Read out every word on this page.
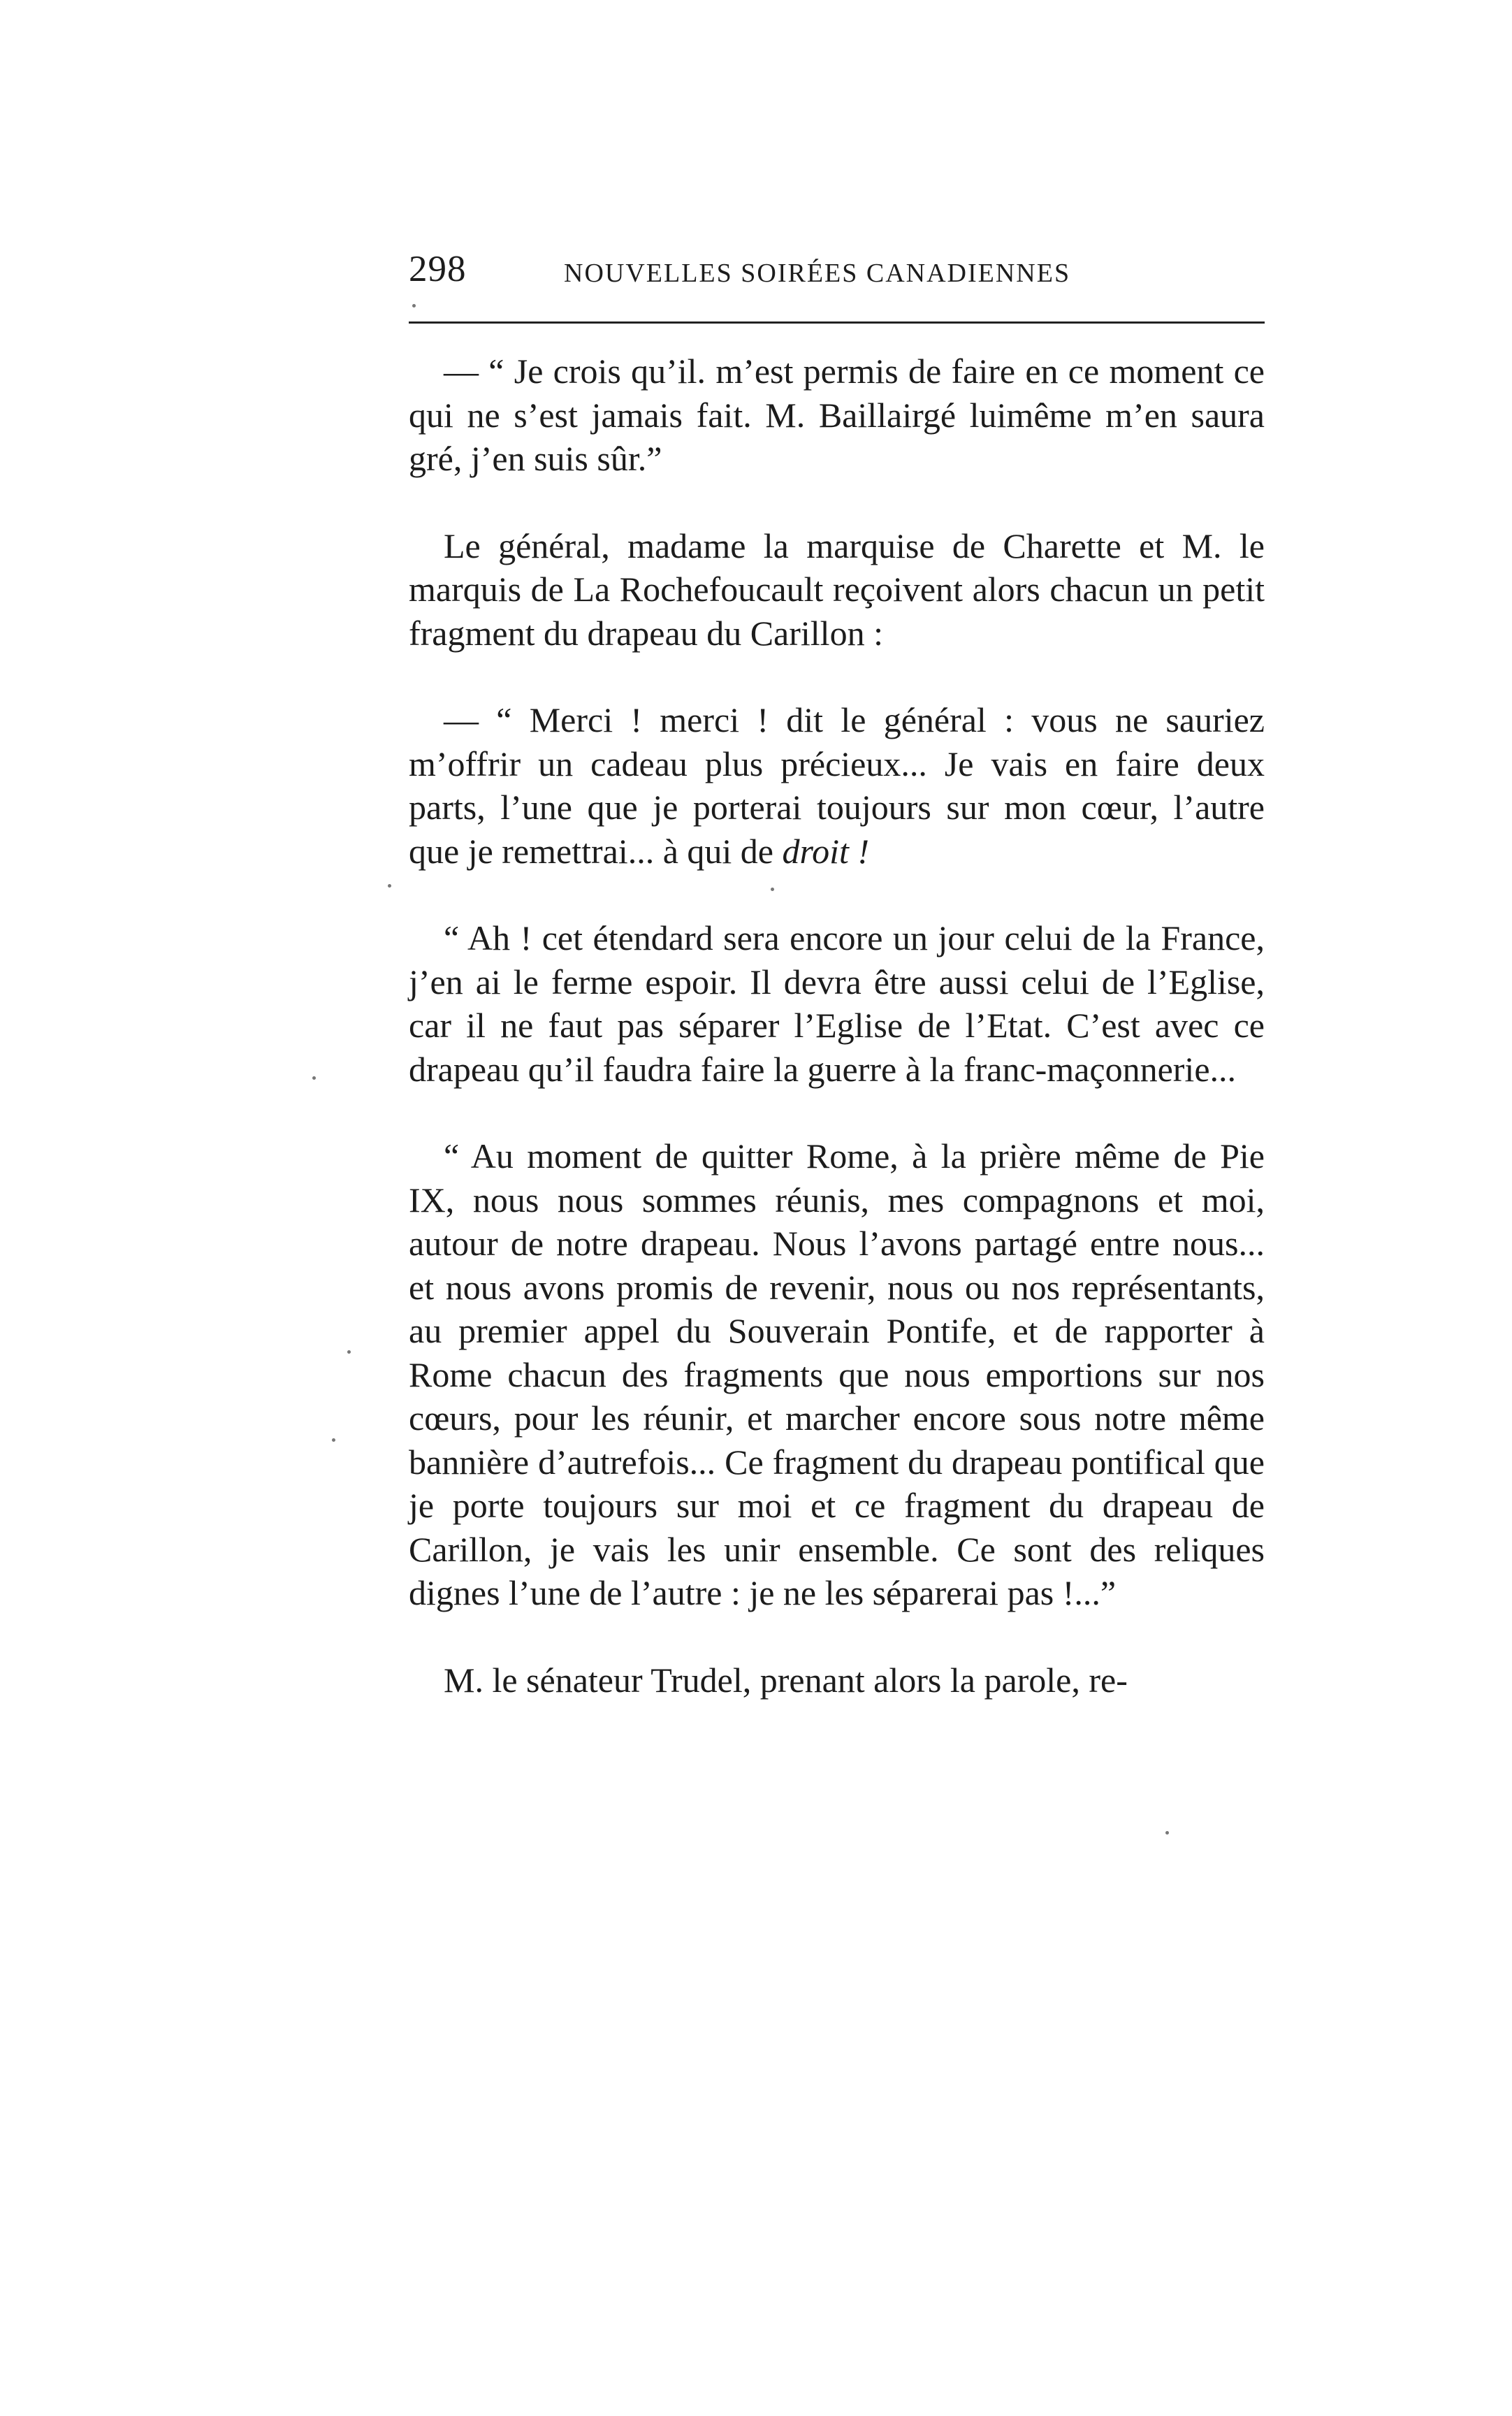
298	NOUVELLES SOIRÉES CANADIENNES

— “ Je crois qu’il. m’est permis de faire en ce moment ce qui ne s’est jamais fait. M. Baillairgé luimême m’en saura gré, j’en suis sûr.”

Le général, madame la marquise de Charette et M. le marquis de La Rochefoucault reçoivent alors chacun un petit fragment du drapeau du Carillon :

— “ Merci ! merci ! dit le général : vous ne sauriez m’offrir un cadeau plus précieux... Je vais en faire deux parts, l’une que je porterai toujours sur mon cœur, l’autre que je remettrai... à qui de droit !

“ Ah ! cet étendard sera encore un jour celui de la France, j’en ai le ferme espoir. Il devra être aussi celui de l’Eglise, car il ne faut pas séparer l’Eglise de l’Etat. C’est avec ce drapeau qu’il faudra faire la guerre à la franc-maçonnerie...

“ Au moment de quitter Rome, à la prière même de Pie IX, nous nous sommes réunis, mes compagnons et moi, autour de notre drapeau. Nous l’avons partagé entre nous... et nous avons promis de revenir, nous ou nos représentants, au premier appel du Souverain Pontife, et de rapporter à Rome chacun des fragments que nous emportions sur nos cœurs, pour les réunir, et marcher encore sous notre même bannière d’autrefois... Ce fragment du drapeau pontifical que je porte toujours sur moi et ce fragment du drapeau de Carillon, je vais les unir ensemble. Ce sont des reliques dignes l’une de l’autre : je ne les séparerai pas !...”

M. le sénateur Trudel, prenant alors la parole, re-
